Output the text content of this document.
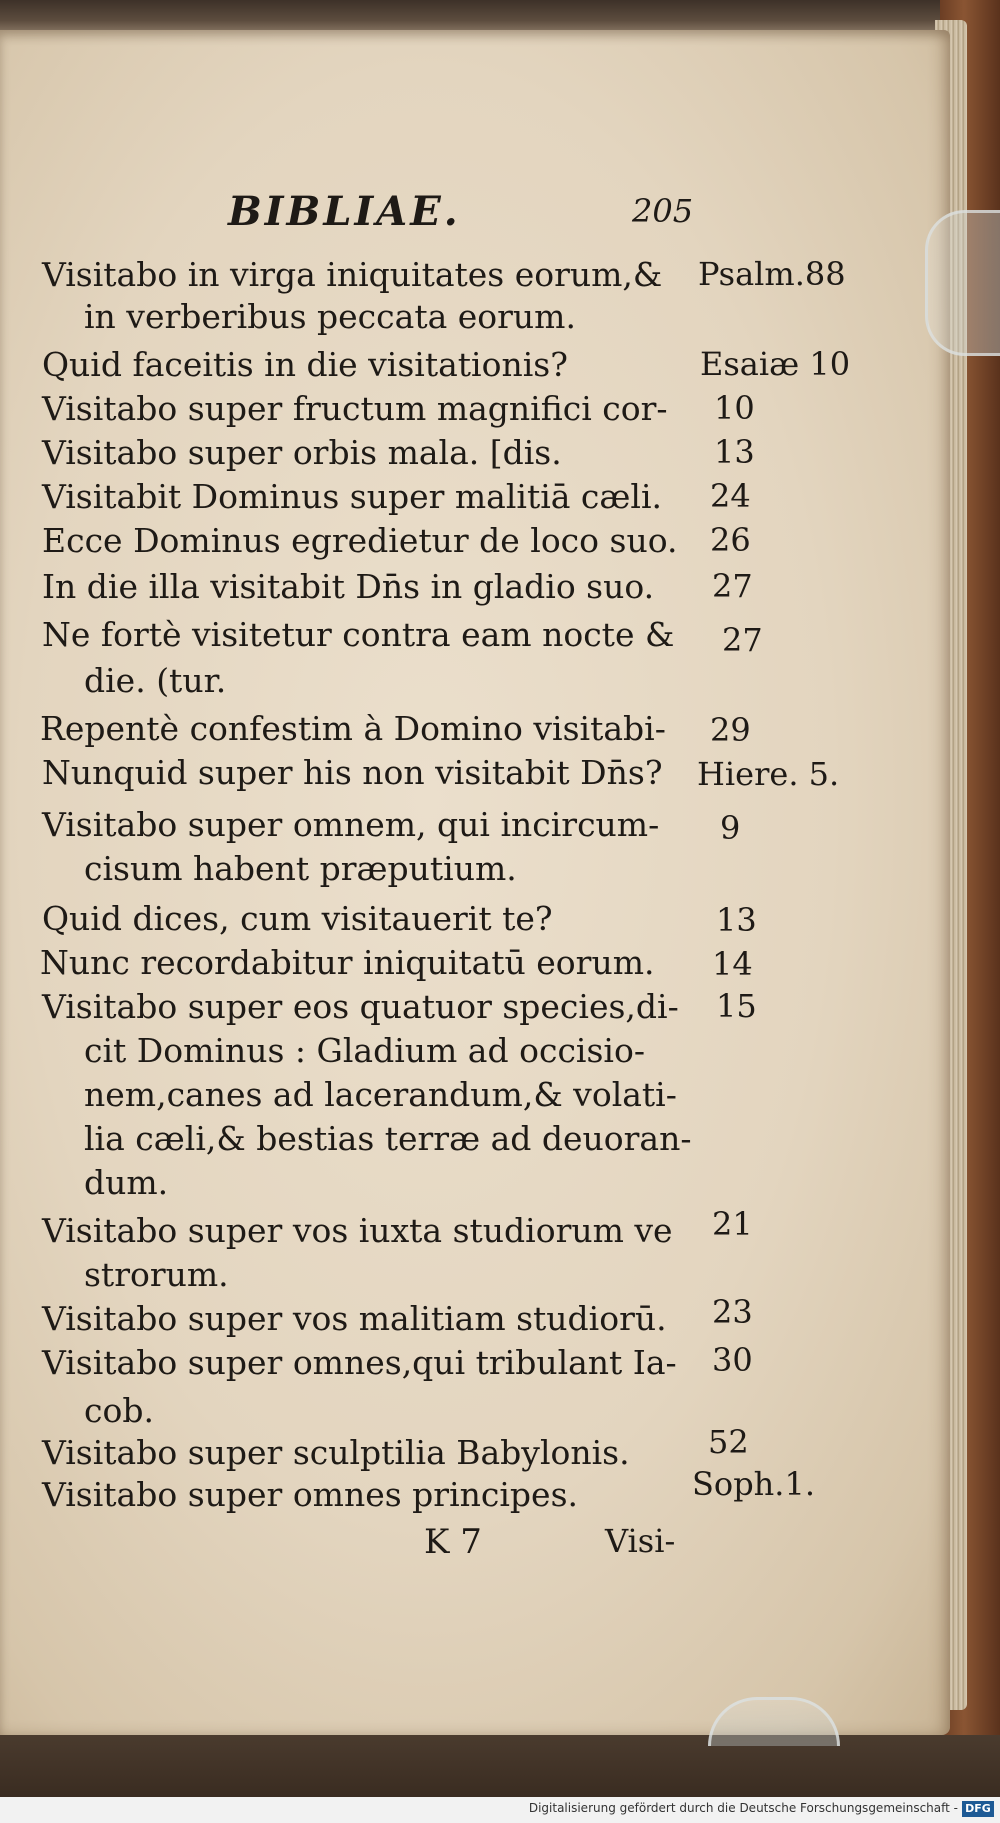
BIBLIAE.	205
Visitabo in virga iniquitates eorum,& Psalm.88
in verberibus peccata eorum.
Quid faceitis in die visitationis?	Esaiæ 10
Visitabo super fructum magnifici cor- 10
Visitabo super orbis mala. [dis.	13
Visitabit Dominus super malitiā cæli. 24
Ecce Dominus egredietur de loco suo. 26
In die illa visitabit Dn̄s in gladio suo. 27
Ne fortè visitetur contra eam nocte & 27
die. (tur.
Repentè confestim à Domino visitabi- 29
Nunquid super his non visitabit Dn̄s? Hiere. 5.
Visitabo super omnem, qui incircum- 9
cisum habent præputium.
Quid dices, cum visitauerit te?	13
Nunc recordabitur iniquitatū eorum. 14
Visitabo super eos quatuor species,di- 15
cit Dominus : Gladium ad occisio-
nem,canes ad lacerandum,& volati-
lia cæli,& bestias terræ ad deuoran-
dum.
Visitabo super vos iuxta studiorum ve 21
strorum.
Visitabo super vos malitiam studiorū. 23
Visitabo super omnes,qui tribulant Ia- 30
cob.
Visitabo super sculptilia Babylonis. 52
Visitabo super omnes principes.	Soph.1.
K 7	Visi-
Digitalisierung gefördert durch die Deutsche Forschungsgemeinschaft - DFG
